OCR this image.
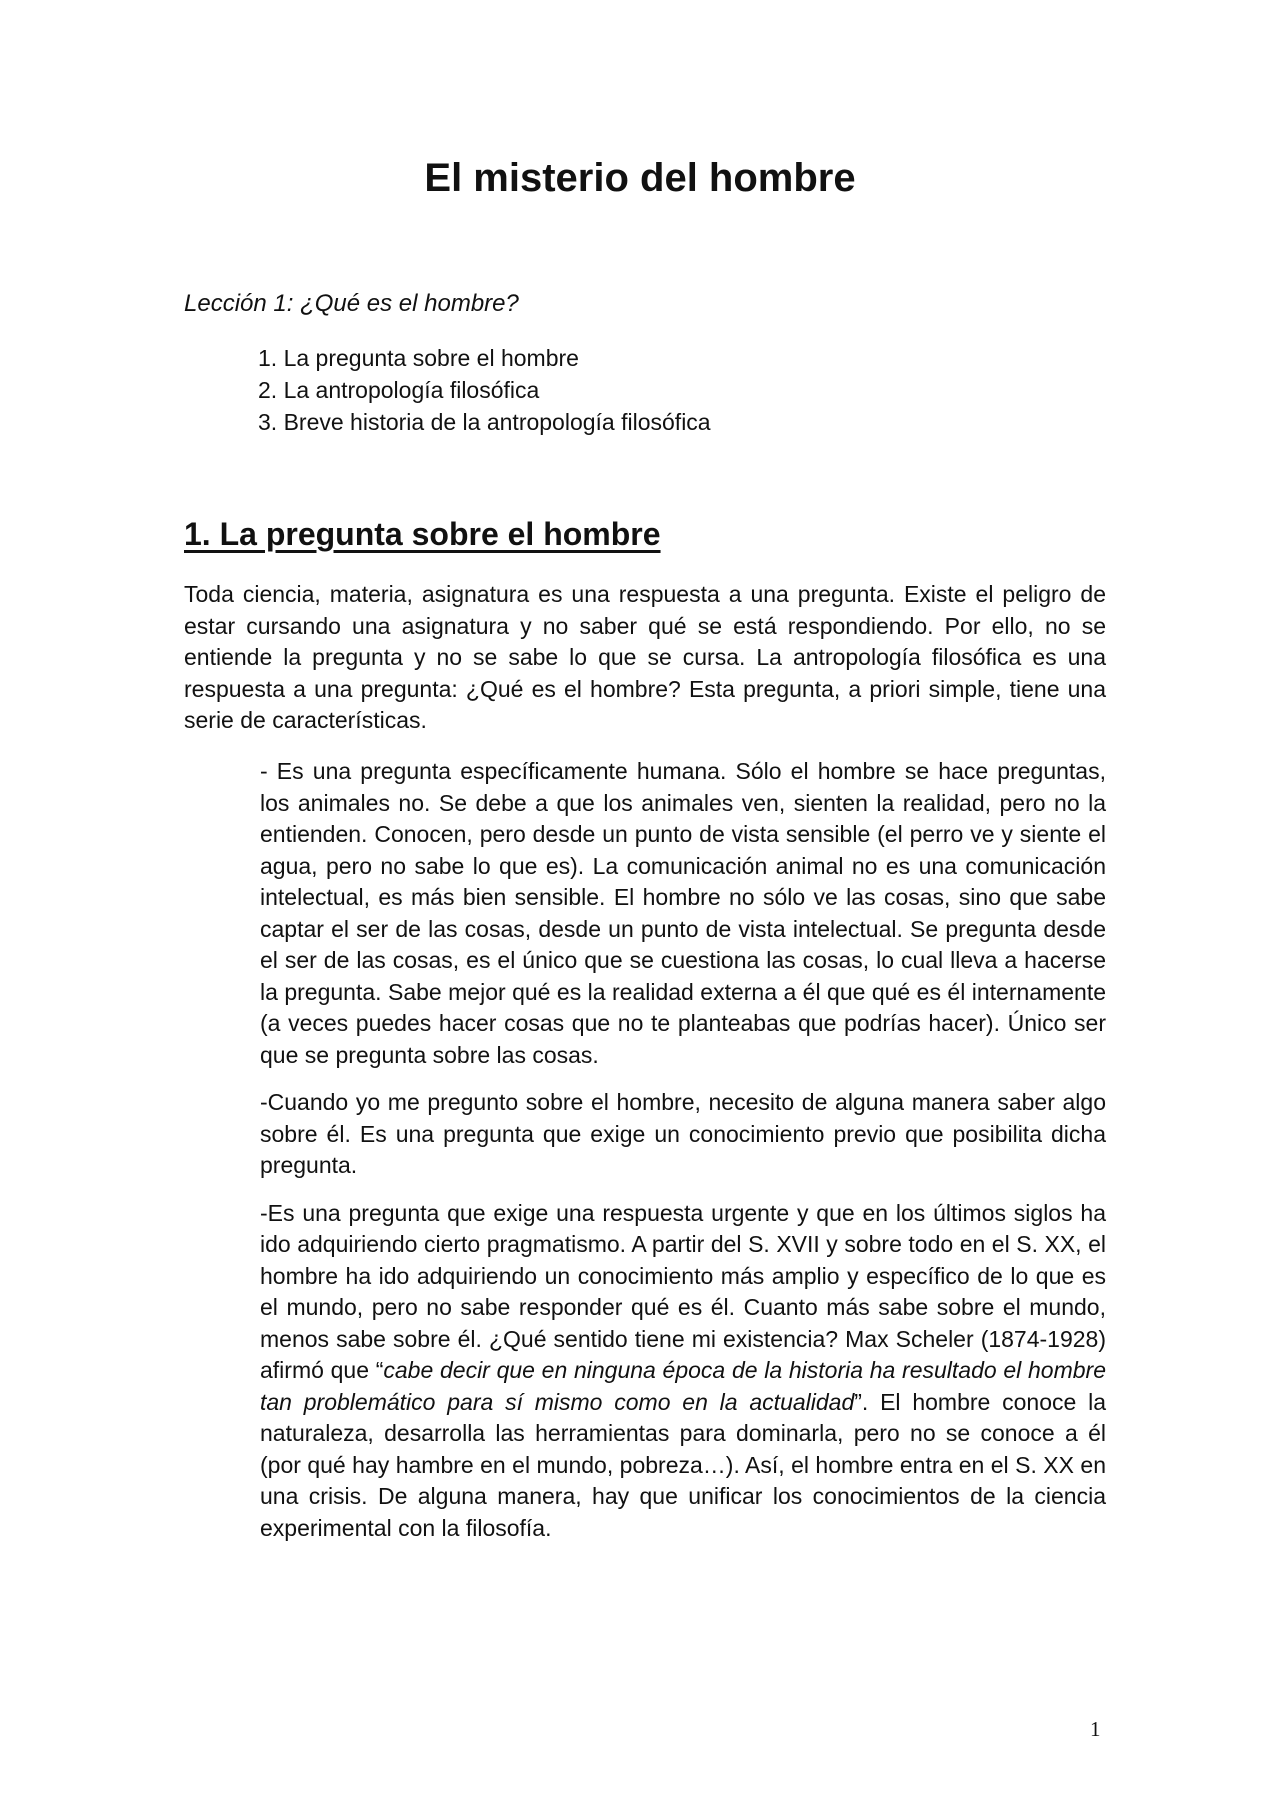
El misterio del hombre

Lección 1: ¿Qué es el hombre?

1. La pregunta sobre el hombre
2. La antropología filosófica
3. Breve historia de la antropología filosófica
1. La pregunta sobre el hombre

Toda ciencia, materia, asignatura es una respuesta a una pregunta. Existe el peligro de estar cursando una asignatura y no saber qué se está respondiendo. Por ello, no se entiende la pregunta y no se sabe lo que se cursa. La antropología filosófica es una respuesta a una pregunta: ¿Qué es el hombre? Esta pregunta, a priori simple, tiene una serie de características.

- Es una pregunta específicamente humana. Sólo el hombre se hace preguntas, los animales no. Se debe a que los animales ven, sienten la realidad, pero no la entienden. Conocen, pero desde un punto de vista sensible (el perro ve y siente el agua, pero no sabe lo que es). La comunicación animal no es una comunicación intelectual, es más bien sensible. El hombre no sólo ve las cosas, sino que sabe captar el ser de las cosas, desde un punto de vista intelectual. Se pregunta desde el ser de las cosas, es el único que se cuestiona las cosas, lo cual lleva a hacerse la pregunta. Sabe mejor qué es la realidad externa a él que qué es él internamente (a veces puedes hacer cosas que no te planteabas que podrías hacer). Único ser que se pregunta sobre las cosas.

-Cuando yo me pregunto sobre el hombre, necesito de alguna manera saber algo sobre él. Es una pregunta que exige un conocimiento previo que posibilita dicha pregunta.

-Es una pregunta que exige una respuesta urgente y que en los últimos siglos ha ido adquiriendo cierto pragmatismo. A partir del S. XVII y sobre todo en el S. XX, el hombre ha ido adquiriendo un conocimiento más amplio y específico de lo que es el mundo, pero no sabe responder qué es él. Cuanto más sabe sobre el mundo, menos sabe sobre él. ¿Qué sentido tiene mi existencia? Max Scheler (1874-1928) afirmó que “cabe decir que en ninguna época de la historia ha resultado el hombre tan problemático para sí mismo como en la actualidad”. El hombre conoce la naturaleza, desarrolla las herramientas para dominarla, pero no se conoce a él (por qué hay hambre en el mundo, pobreza…). Así, el hombre entra en el S. XX en una crisis. De alguna manera, hay que unificar los conocimientos de la ciencia experimental con la filosofía.

1
